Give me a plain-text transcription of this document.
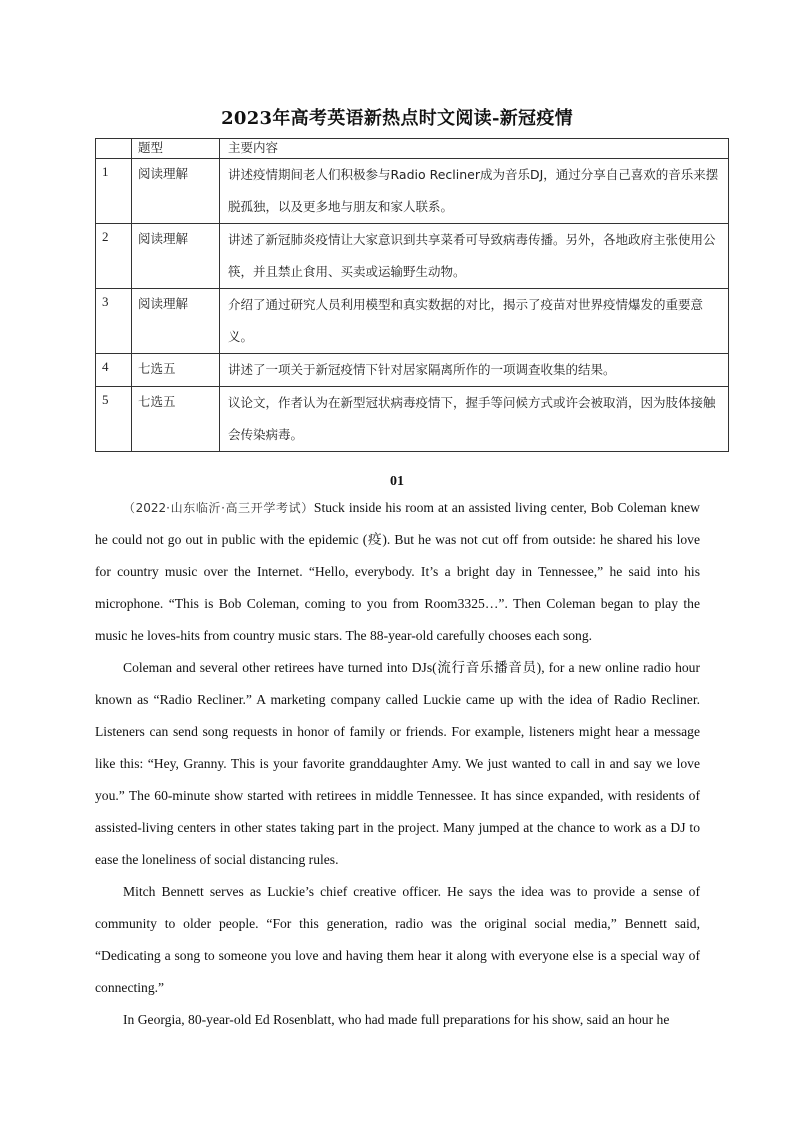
2023年高考英语新热点时文阅读-新冠疫情
	题型	主要内容
1	阅读理解	讲述疫情期间老人们积极参与Radio Recliner成为音乐DJ，通过分享自己喜欢的音乐来摆脱孤独，以及更多地与朋友和家人联系。
2	阅读理解	讲述了新冠肺炎疫情让大家意识到共享菜肴可导致病毒传播。另外，各地政府主张使用公筷，并且禁止食用、买卖或运输野生动物。
3	阅读理解	介绍了通过研究人员利用模型和真实数据的对比，揭示了疫苗对世界疫情爆发的重要意义。
4	七选五	讲述了一项关于新冠疫情下针对居家隔离所作的一项调查收集的结果。
5	七选五	议论文，作者认为在新型冠状病毒疫情下，握手等问候方式或许会被取消，因为肢体接触会传染病毒。
01

（2022·山东临沂·高三开学考试）Stuck inside his room at an assisted living center, Bob Coleman knew he could not go out in public with the epidemic (疫). But he was not cut off from outside: he shared his love for country music over the Internet. “Hello, everybody. It’s a bright day in Tennessee,” he said into his microphone. “This is Bob Coleman, coming to you from Room3325…”. Then Coleman began to play the music he loves-hits from country music stars. The 88-year-old carefully chooses each song.

Coleman and several other retirees have turned into DJs(流行音乐播音员), for a new online radio hour known as “Radio Recliner.” A marketing company called Luckie came up with the idea of Radio Recliner. Listeners can send song requests in honor of family or friends. For example, listeners might hear a message like this: “Hey, Granny. This is your favorite granddaughter Amy. We just wanted to call in and say we love you.” The 60-minute show started with retirees in middle Tennessee. It has since expanded, with residents of assisted-living centers in other states taking part in the project. Many jumped at the chance to work as a DJ to ease the loneliness of social distancing rules.

Mitch Bennett serves as Luckie’s chief creative officer. He says the idea was to provide a sense of community to older people. “For this generation, radio was the original social media,” Bennett said, “Dedicating a song to someone you love and having them hear it along with everyone else is a special way of connecting.”

In Georgia, 80-year-old Ed Rosenblatt, who had made full preparations for his show, said an hour he
